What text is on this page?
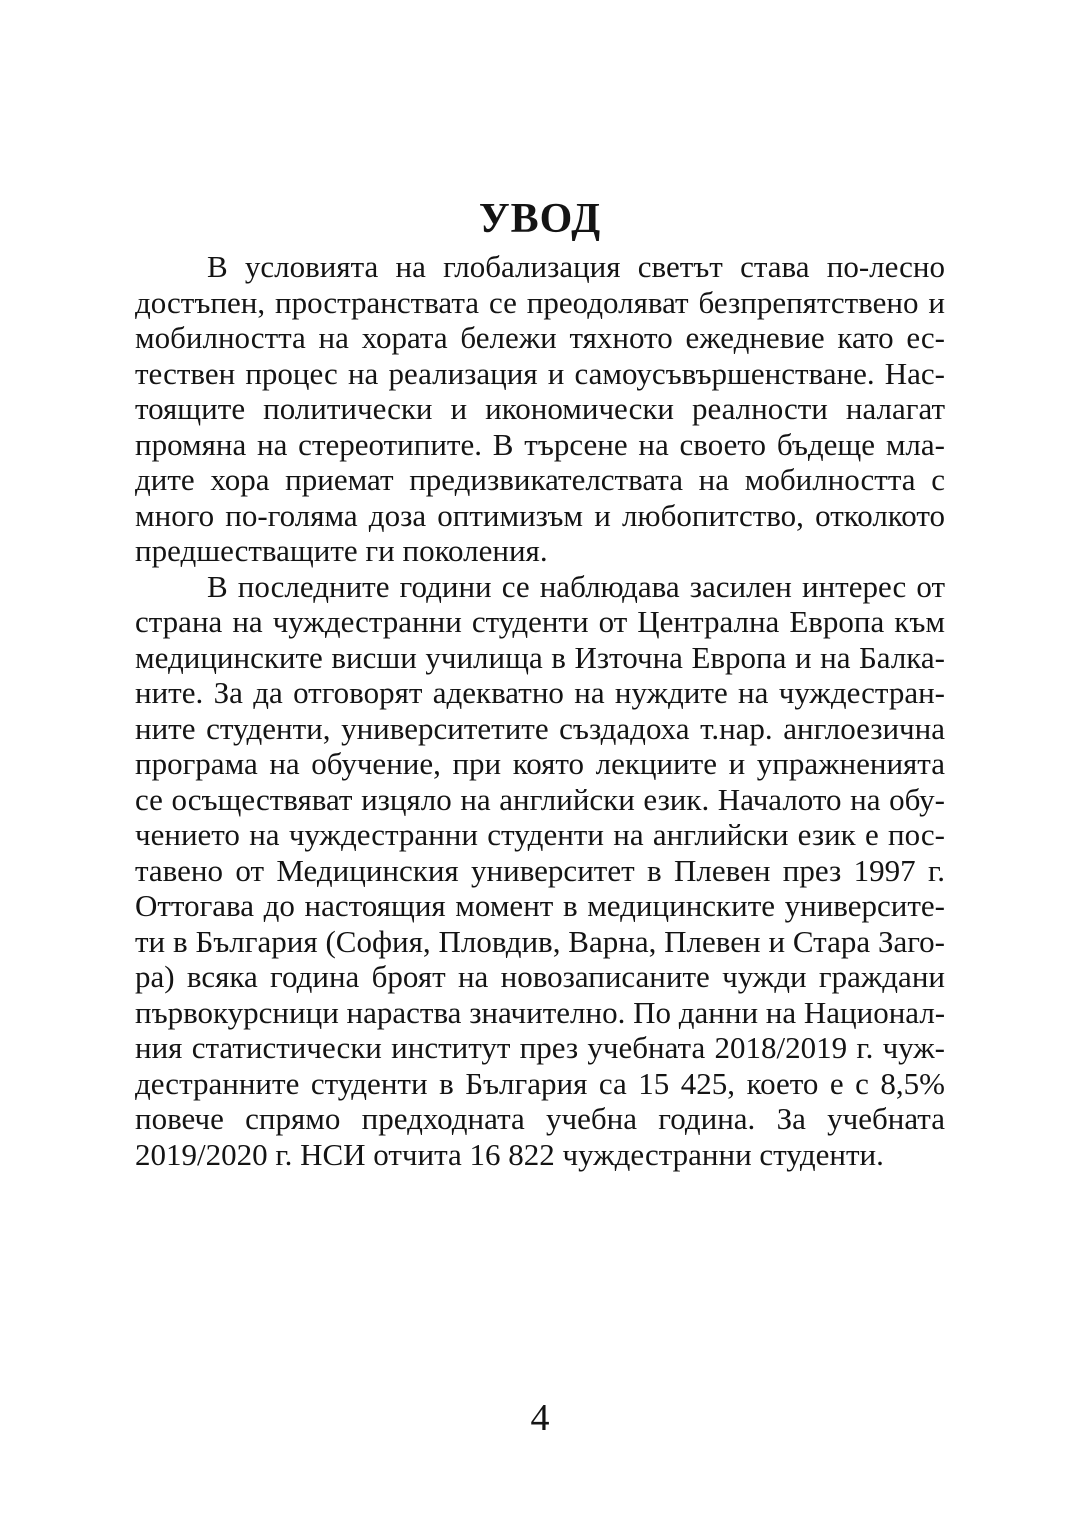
УВОД
В условията на глобализация светът става по-лесно
достъпен, пространствата се преодоляват безпрепятствено и
мобилността на хората бележи тяхното ежедневие като ес-
тествен процес на реализация и самоусъвършенстване. Нас-
тоящите политически и икономически реалности налагат
промяна на стереотипите. В търсене на своето бъдеще мла-
дите хора приемат предизвикателствата на мобилността с
много по-голяма доза оптимизъм и любопитство, отколкото
предшестващите ги поколения.
В последните години се наблюдава засилен интерес от
страна на чуждестранни студенти от Централна Европа към
медицинските висши училища в Източна Европа и на Балка-
ните. За да отговорят адекватно на нуждите на чуждестран-
ните студенти, университетите създадоха т.нар. англоезична
програма на обучение, при която лекциите и упражненията
се осъществяват изцяло на английски език. Началото на обу-
чението на чуждестранни студенти на английски език е пос-
тавено от Медицинския университет в Плевен през 1997 г.
Оттогава до настоящия момент в медицинските университе-
ти в България (София, Пловдив, Варна, Плевен и Стара Заго-
ра) всяка година броят на новозаписаните чужди граждани
първокурсници нараства значително. По данни на Национал-
ния статистически институт през учебната 2018/2019 г. чуж-
дестранните студенти в България са 15 425, което е с 8,5%
повече спрямо предходната учебна година. За учебната
2019/2020 г. НСИ отчита 16 822 чуждестранни студенти.
4
